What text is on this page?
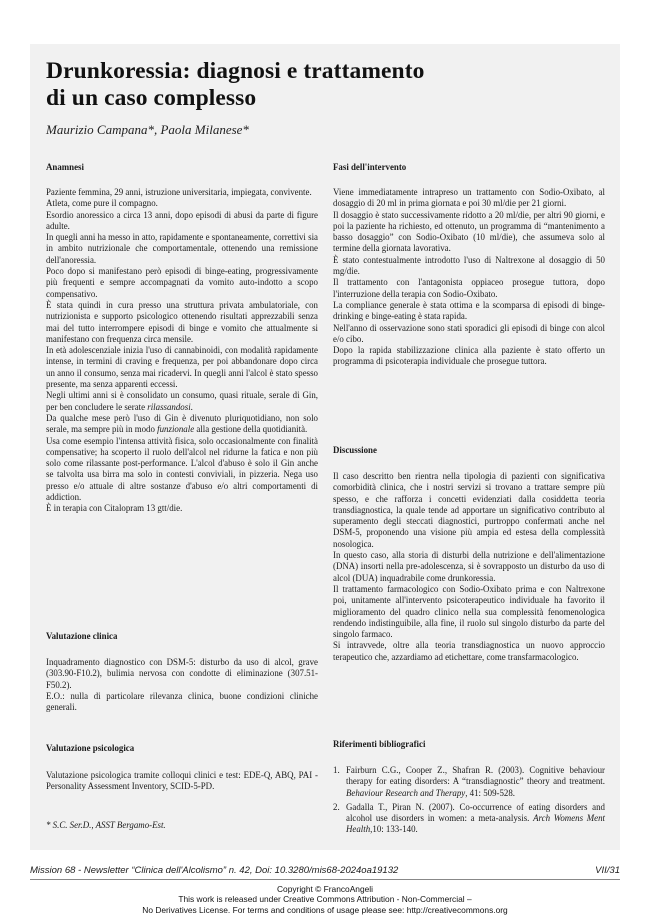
Drunkoressia: diagnosi e trattamento
di un caso complesso
Maurizio Campana*, Paola Milanese*
Anamnesi

Paziente femmina, 29 anni, istruzione universitaria, impiegata, convivente.

Atleta, come pure il compagno.

Esordio anoressico a circa 13 anni, dopo episodi di abusi da parte di figure adulte.

In quegli anni ha messo in atto, rapidamente e spontaneamente, correttivi sia in ambito nutrizionale che comportamentale, ottenendo una remissione dell'anoressia.

Poco dopo si manifestano però episodi di binge-eating, progressivamente più frequenti e sempre accompagnati da vomito auto-indotto a scopo compensativo.

È stata quindi in cura presso una struttura privata ambulatoriale, con nutrizionista e supporto psicologico ottenendo risultati apprezzabili senza mai del tutto interrompere episodi di binge e vomito che attualmente si manifestano con frequenza circa mensile.

In età adolescenziale inizia l'uso di cannabinoidi, con modalità rapidamente intense, in termini di craving e frequenza, per poi abbandonare dopo circa un anno il consumo, senza mai ricadervi. In quegli anni l'alcol è stato spesso presente, ma senza apparenti eccessi.

Negli ultimi anni si è consolidato un consumo, quasi rituale, serale di Gin, per ben concludere le serate rilassandosi.

Da qualche mese però l'uso di Gin è divenuto pluriquotidiano, non solo serale, ma sempre più in modo funzionale alla gestione della quotidianità.

Usa come esempio l'intensa attività fisica, solo occasionalmente con finalità compensative; ha scoperto il ruolo dell'alcol nel ridurne la fatica e non più solo come rilassante post-performance. L'alcol d'abuso è solo il Gin anche se talvolta usa birra ma solo in contesti conviviali, in pizzeria. Nega uso presso e/o attuale di altre sostanze d'abuso e/o altri comportamenti di addiction.

È in terapia con Citalopram 13 gtt/die.

Valutazione clinica

Inquadramento diagnostico con DSM-5: disturbo da uso di alcol, grave (303.90-F10.2), bulimia nervosa con condotte di eliminazione (307.51-F50.2).

E.O.: nulla di particolare rilevanza clinica, buone condizioni cliniche generali.

Valutazione psicologica

Valutazione psicologica tramite colloqui clinici e test: EDE-Q, ABQ, PAI - Personality Assessment Inventory, SCID-5-PD.

* S.C. Ser.D., ASST Bergamo-Est.
Fasi dell'intervento

Viene immediatamente intrapreso un trattamento con Sodio-Oxibato, al dosaggio di 20 ml in prima giornata e poi 30 ml/die per 21 giorni.

Il dosaggio è stato successivamente ridotto a 20 ml/die, per altri 90 giorni, e poi la paziente ha richiesto, ed ottenuto, un programma di “mantenimento a basso dosaggio” con Sodio-Oxibato (10 ml/die), che assumeva solo al termine della giornata lavorativa.

È stato contestualmente introdotto l'uso di Naltrexone al dosaggio di 50 mg/die.

Il trattamento con l'antagonista oppiaceo prosegue tuttora, dopo l'interruzione della terapia con Sodio-Oxibato.

La compliance generale è stata ottima e la scomparsa di episodi di binge-drinking e binge-eating è stata rapida.

Nell'anno di osservazione sono stati sporadici gli episodi di binge con alcol e/o cibo.

Dopo la rapida stabilizzazione clinica alla paziente è stato offerto un programma di psicoterapia individuale che prosegue tuttora.

Discussione

Il caso descritto ben rientra nella tipologia di pazienti con significativa comorbidità clinica, che i nostri servizi si trovano a trattare sempre più spesso, e che rafforza i concetti evidenziati dalla cosiddetta teoria transdiagnostica, la quale tende ad apportare un significativo contributo al superamento degli steccati diagnostici, purtroppo confermati anche nel DSM-5, proponendo una visione più ampia ed estesa della complessità nosologica.

In questo caso, alla storia di disturbi della nutrizione e dell'alimentazione (DNA) insorti nella pre-adolescenza, si è sovrapposto un disturbo da uso di alcol (DUA) inquadrabile come drunkoressia.

Il trattamento farmacologico con Sodio-Oxibato prima e con Naltrexone poi, unitamente all'intervento psicoterapeutico individuale ha favorito il miglioramento del quadro clinico nella sua complessità fenomenologica rendendo indistinguibile, alla fine, il ruolo sul singolo disturbo da parte del singolo farmaco.

Si intravvede, oltre alla teoria transdiagnostica un nuovo approccio terapeutico che, azzardiamo ad etichettare, come transfarmacologico.

Riferimenti bibliografici
1. Fairburn C.G., Cooper Z., Shafran R. (2003). Cognitive behaviour therapy for eating disorders: A “transdiagnostic” theory and treatment. Behaviour Research and Therapy, 41: 509-528.
2. Gadalla T., Piran N. (2007). Co-occurrence of eating disorders and alcohol use disorders in women: a meta-analysis. Arch Womens Ment Health,10: 133-140.
Mission 68 - Newsletter “Clinica dell'Alcolismo” n. 42, Doi: 10.3280/mis68-2024oa19132	VII/31
Copyright © FrancoAngeli
This work is released under Creative Commons Attribution - Non-Commercial –
No Derivatives License. For terms and conditions of usage please see: http://creativecommons.org
